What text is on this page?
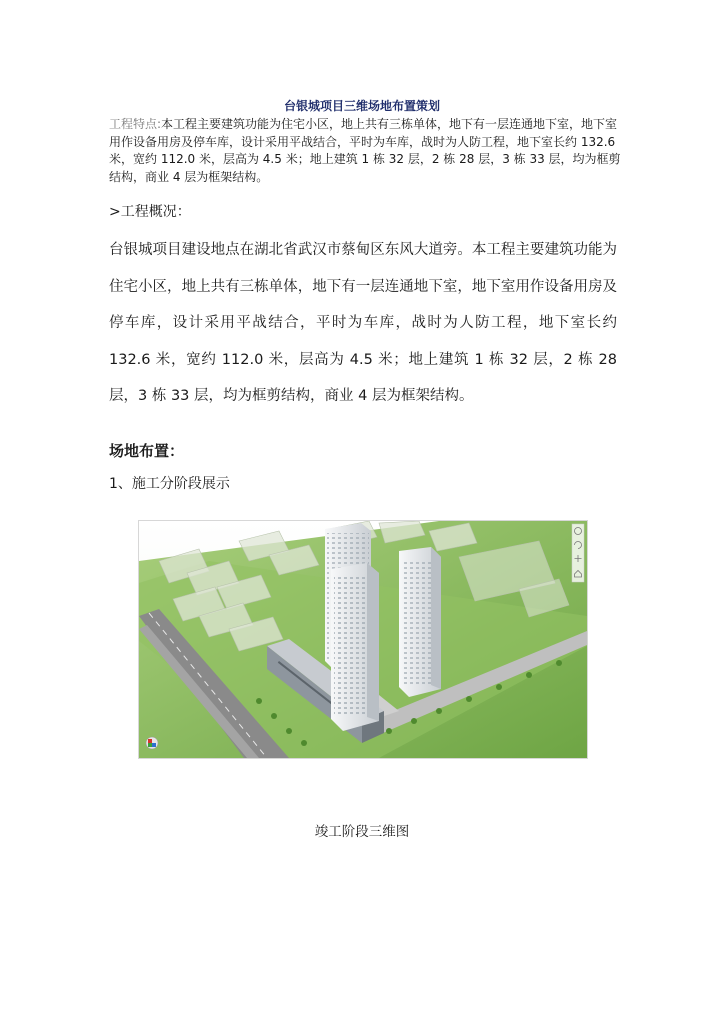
台银城项目三维场地布置策划
工程特点:本工程主要建筑功能为住宅小区，地上共有三栋单体，地下有一层连通地下室，地下室用作设备用房及停车库，设计采用平战结合，平时为车库，战时为人防工程，地下室长约 132.6 米，宽约 112.0 米，层高为 4.5 米；地上建筑 1 栋 32 层，2 栋 28 层，3 栋 33 层，均为框剪结构，商业 4 层为框架结构。
>工程概况：
台银城项目建设地点在湖北省武汉市蔡甸区东风大道旁。本工程主要建筑功能为住宅小区，地上共有三栋单体，地下有一层连通地下室，地下室用作设备用房及停车库，设计采用平战结合，平时为车库，战时为人防工程，地下室长约 132.6 米，宽约 112.0 米，层高为 4.5 米；地上建筑 1 栋 32 层，2 栋 28 层，3 栋 33 层，均为框剪结构，商业 4 层为框架结构。
场地布置：
1、施工分阶段展示
竣工阶段三维图
